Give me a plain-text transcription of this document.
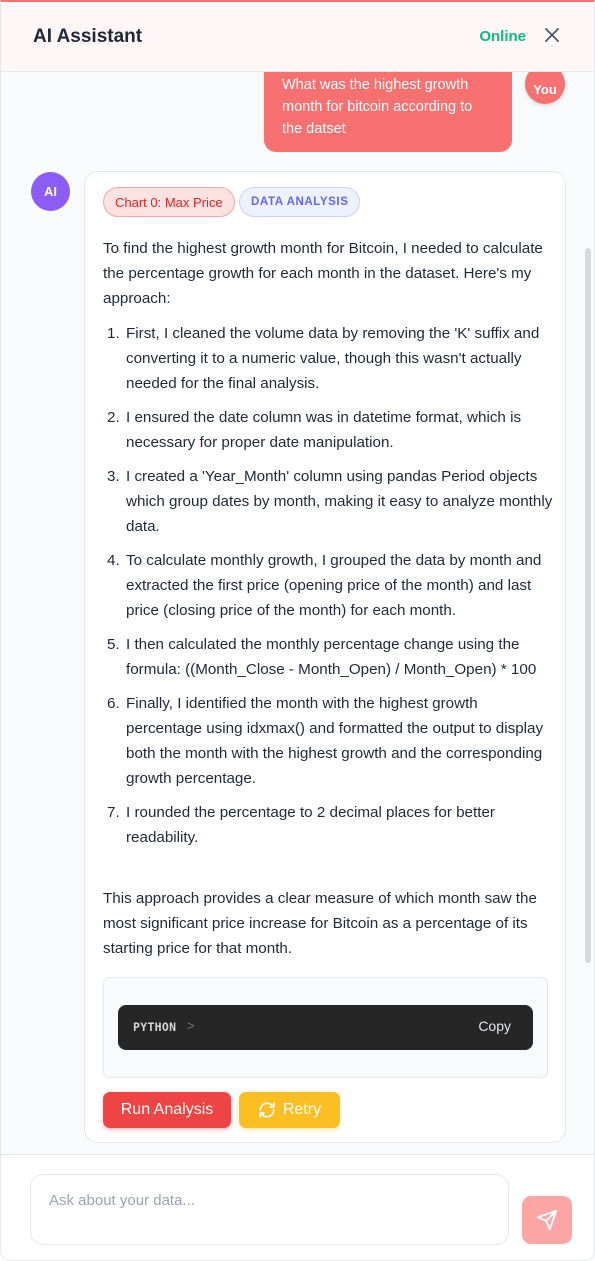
AI Assistant	Online
What was the highest growth month for bitcoin according to the datset
You
AI
Chart 0: Max Price	DATA ANALYSIS

To find the highest growth month for Bitcoin, I needed to calculate the percentage growth for each month in the dataset. Here's my approach:

1. First, I cleaned the volume data by removing the 'K' suffix and converting it to a numeric value, though this wasn't actually needed for the final analysis.
2. I ensured the date column was in datetime format, which is necessary for proper date manipulation.
3. I created a 'Year_Month' column using pandas Period objects which group dates by month, making it easy to analyze monthly data.
4. To calculate monthly growth, I grouped the data by month and extracted the first price (opening price of the month) and last price (closing price of the month) for each month.
5. I then calculated the monthly percentage change using the formula: ((Month_Close - Month_Open) / Month_Open) * 100
6. Finally, I identified the month with the highest growth percentage using idxmax() and formatted the output to display both the month with the highest growth and the corresponding growth percentage.
7. I rounded the percentage to 2 decimal places for better readability.

This approach provides a clear measure of which month saw the most significant price increase for Bitcoin as a percentage of its starting price for that month.

PYTHON >	Copy
Run Analysis	Retry
Ask about your data...
